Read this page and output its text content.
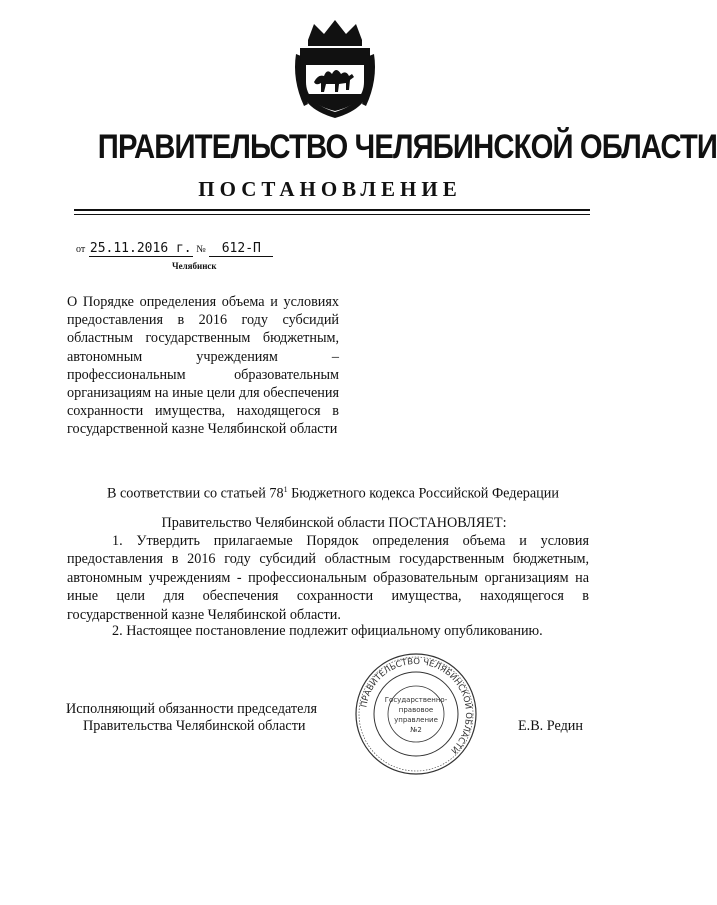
ПРАВИТЕЛЬСТВО ЧЕЛЯБИНСКОЙ ОБЛАСТИ
ПОСТАНОВЛЕНИЕ
от 25.11.2016 г. № 612-П
Челябинск
О Порядке определения объема и условиях предоставления в 2016 году субсидий областным государственным бюджетным, автономным учреждениям – профессиональным образовательным организациям на иные цели для обеспечения сохранности имущества, находящегося в государственной казне Челябинской области
В соответствии со статьей $78^1$ Бюджетного кодекса Российской Федерации
Правительство Челябинской области ПОСТАНОВЛЯЕТ:
1. Утвердить прилагаемые Порядок определения объема и условия предоставления в 2016 году субсидий областным государственным бюджетным, автономным учреждениям - профессиональным образовательным организациям на иные цели для обеспечения сохранности имущества, находящегося в государственной казне Челябинской области.
2. Настоящее постановление подлежит официальному опубликованию.
Исполняющий обязанности председателя
Правительства Челябинской области	Е.В. Редин
ПРАВИТЕЛЬСТВО ЧЕЛЯБИНСКОЙ ОБЛАСТИ
Государственно-
правовое
управление
№2
